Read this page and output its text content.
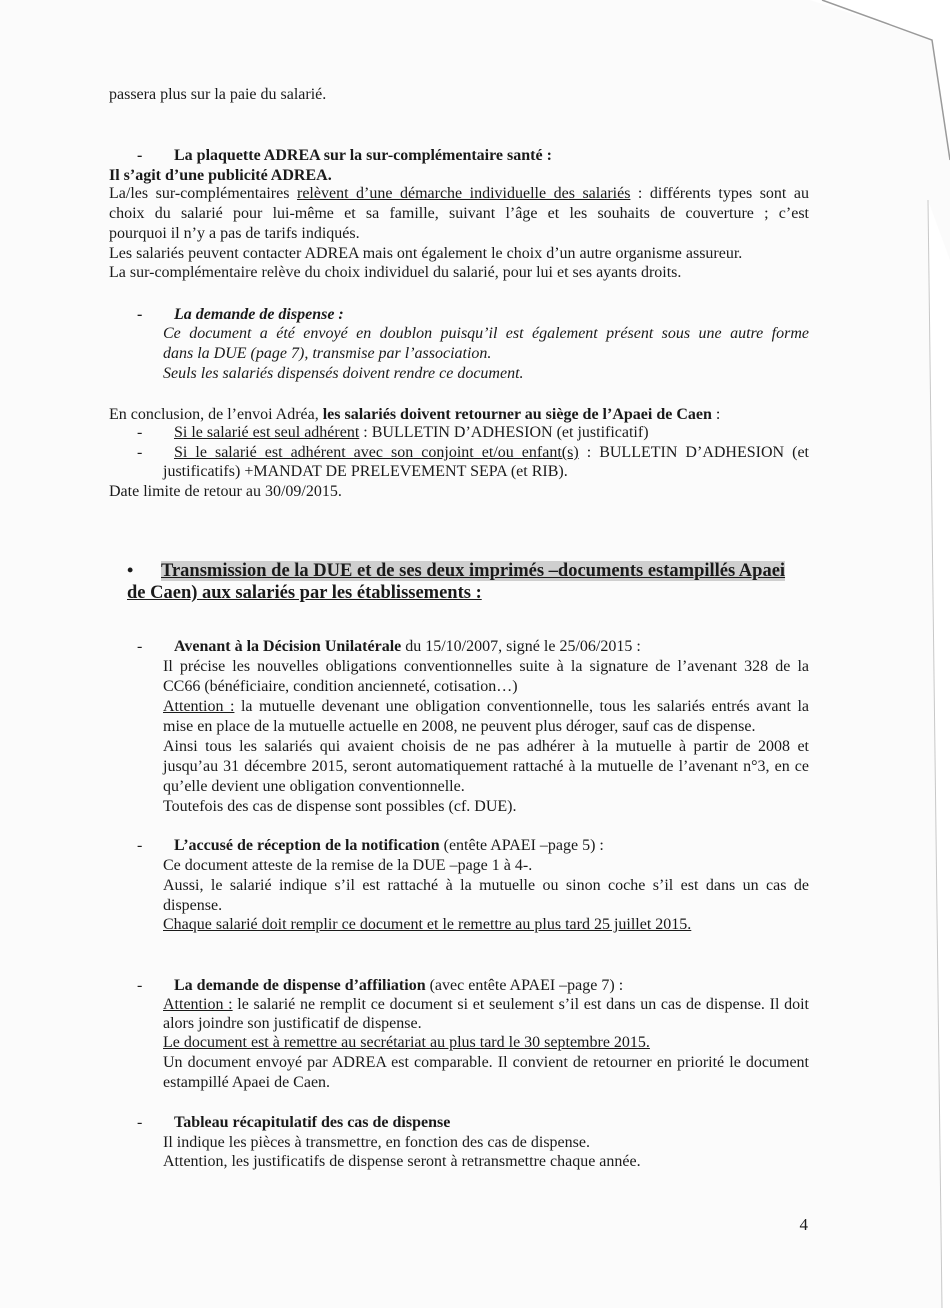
passera plus sur la paie du salarié.
- La plaquette ADREA sur la sur-complémentaire santé :
Il s’agit d’une publicité ADREA.
La/les sur-complémentaires relèvent d’une démarche individuelle des salariés : différents types sont au
choix du salarié pour lui-même et sa famille, suivant l’âge et les souhaits de couverture ; c’est
pourquoi il n’y a pas de tarifs indiqués.
Les salariés peuvent contacter ADREA mais ont également le choix d’un autre organisme assureur.
La sur-complémentaire relève du choix individuel du salarié, pour lui et ses ayants droits.
- La demande de dispense :
Ce document a été envoyé en doublon puisqu’il est également présent sous une autre forme
dans la DUE (page 7), transmise par l’association.
Seuls les salariés dispensés doivent rendre ce document.
En conclusion, de l’envoi Adréa, les salariés doivent retourner au siège de l’Apaei de Caen :
- Si le salarié est seul adhérent : BULLETIN D’ADHESION (et justificatif)
- Si le salarié est adhérent avec son conjoint et/ou enfant(s) : BULLETIN D’ADHESION (et
justificatifs) +MANDAT DE PRELEVEMENT SEPA (et RIB).
Date limite de retour au 30/09/2015.
• Transmission de la DUE et de ses deux imprimés –documents estampillés Apaei
de Caen) aux salariés par les établissements :
- Avenant à la Décision Unilatérale du 15/10/2007, signé le 25/06/2015 :
Il précise les nouvelles obligations conventionnelles suite à la signature de l’avenant 328 de la
CC66 (bénéficiaire, condition ancienneté, cotisation…)
Attention : la mutuelle devenant une obligation conventionnelle, tous les salariés entrés avant la
mise en place de la mutuelle actuelle en 2008, ne peuvent plus déroger, sauf cas de dispense.
Ainsi tous les salariés qui avaient choisis de ne pas adhérer à la mutuelle à partir de 2008 et
jusqu’au 31 décembre 2015, seront automatiquement rattaché à la mutuelle de l’avenant n°3, en ce
qu’elle devient une obligation conventionnelle.
Toutefois des cas de dispense sont possibles (cf. DUE).
- L’accusé de réception de la notification (entête APAEI –page 5) :
Ce document atteste de la remise de la DUE –page 1 à 4-.
Aussi, le salarié indique s’il est rattaché à la mutuelle ou sinon coche s’il est dans un cas de
dispense.
Chaque salarié doit remplir ce document et le remettre au plus tard 25 juillet 2015.
- La demande de dispense d’affiliation (avec entête APAEI –page 7) :
Attention : le salarié ne remplit ce document si et seulement s’il est dans un cas de dispense. Il doit
alors joindre son justificatif de dispense.
Le document est à remettre au secrétariat au plus tard le 30 septembre 2015.
Un document envoyé par ADREA est comparable. Il convient de retourner en priorité le document
estampillé Apaei de Caen.
- Tableau récapitulatif des cas de dispense
Il indique les pièces à transmettre, en fonction des cas de dispense.
Attention, les justificatifs de dispense seront à retransmettre chaque année.
4
